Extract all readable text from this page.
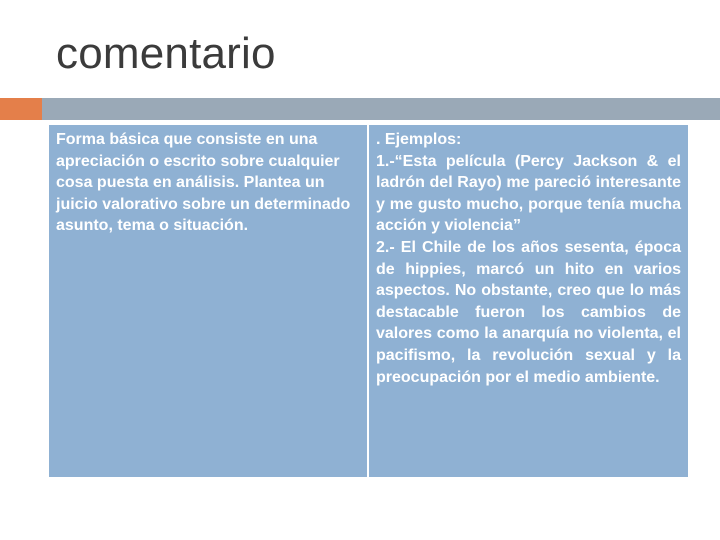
comentario
Forma básica que consiste en una apreciación o escrito sobre cualquier cosa puesta en análisis. Plantea un juicio valorativo sobre un determinado asunto, tema o situación.
. Ejemplos:
1.-“Esta película (Percy Jackson & el ladrón del Rayo) me pareció interesante y me gusto mucho, porque tenía mucha acción y violencia”
2.- El Chile de los años sesenta, época de hippies, marcó un hito en varios aspectos. No obstante, creo que lo más destacable fueron los cambios de valores como la anarquía no violenta, el pacifismo, la revolución sexual y la preocupación por el medio ambiente.
